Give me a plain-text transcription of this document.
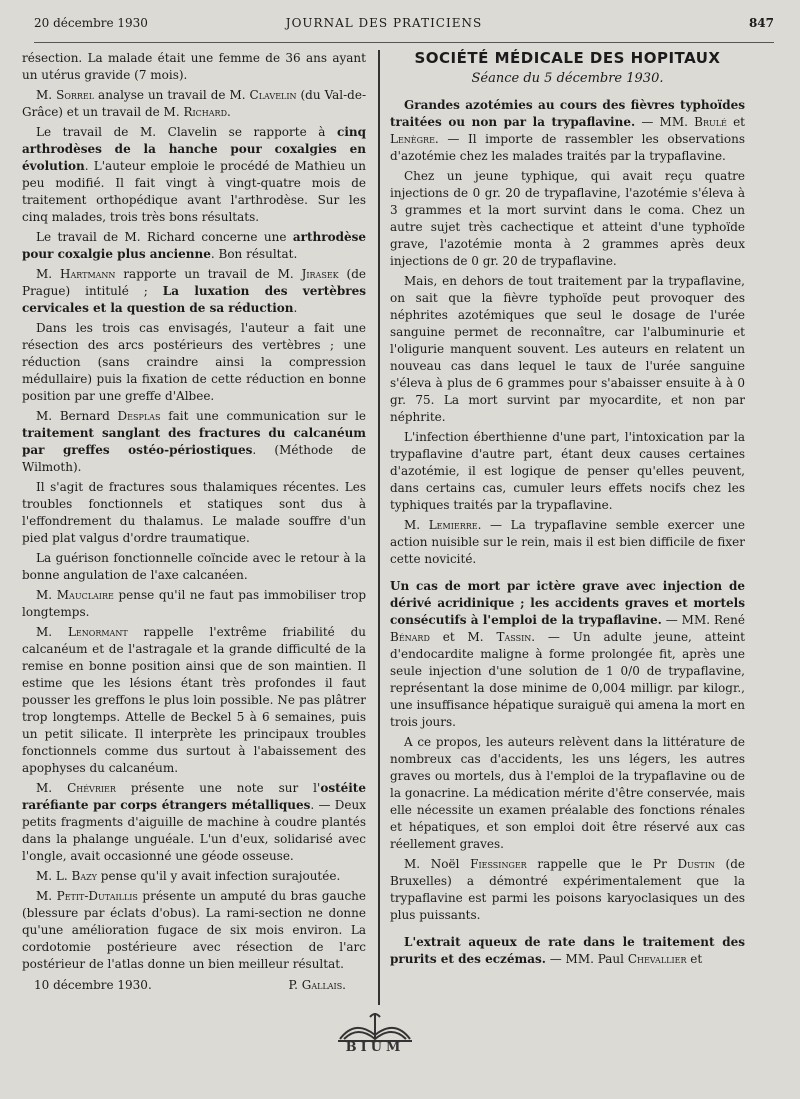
20 décembre 1930	JOURNAL DES PRATICIENS	847

résection. La malade était une femme de 36 ans ayant un utérus gravide (7 mois).

M. Sorrel analyse un travail de M. Clavelin (du Val-de-Grâce) et un travail de M. Richard.

Le travail de M. Clavelin se rapporte à cinq arthrodèses de la hanche pour coxalgies en évolution. L'auteur emploie le procédé de Mathieu un peu modifié. Il fait vingt à vingt-quatre mois de traitement orthopédique avant l'arthrodèse. Sur les cinq malades, trois très bons résultats.

Le travail de M. Richard concerne une arthrodèse pour coxalgie plus ancienne. Bon résultat.

M. Hartmann rapporte un travail de M. Jirasek (de Prague) intitulé ; La luxation des vertèbres cervicales et la question de sa réduction.

Dans les trois cas envisagés, l'auteur a fait une résection des arcs postérieurs des vertèbres ; une réduction (sans craindre ainsi la compression médullaire) puis la fixation de cette réduction en bonne position par une greffe d'Albee.

M. Bernard Desplas fait une communication sur le traitement sanglant des fractures du calcanéum par greffes ostéo-périostiques. (Méthode de Wilmoth).

Il s'agit de fractures sous thalamiques récentes. Les troubles fonctionnels et statiques sont dus à l'effondrement du thalamus. Le malade souffre d'un pied plat valgus d'ordre traumatique.

La guérison fonctionnelle coïncide avec le retour à la bonne angulation de l'axe calcanéen.

M. Mauclaire pense qu'il ne faut pas immobiliser trop longtemps.

M. Lenormant rappelle l'extrême friabilité du calcanéum et de l'astragale et la grande difficulté de la remise en bonne position ainsi que de son maintien. Il estime que les lésions étant très profondes il faut pousser les greffons le plus loin possible. Ne pas plâtrer trop longtemps. Attelle de Beckel 5 à 6 semaines, puis un petit silicate. Il interprète les principaux troubles fonctionnels comme dus surtout à l'abaissement des apophyses du calcanéum.

M. Chévrier présente une note sur l'ostéite raréfiante par corps étrangers métalliques. — Deux petits fragments d'aiguille de machine à coudre plantés dans la phalange unguéale. L'un d'eux, solidarisé avec l'ongle, avait occasionné une géode osseuse.

M. L. Bazy pense qu'il y avait infection surajoutée.

M. Petit-Dutaillis présente un amputé du bras gauche (blessure par éclats d'obus). La rami-section ne donne qu'une amélioration fugace de six mois environ. La cordotomie postérieure avec résection de l'arc postérieur de l'atlas donne un bien meilleur résultat.

10 décembre 1930.	P. Gallais.
SOCIÉTÉ MÉDICALE DES HOPITAUX
Séance du 5 décembre 1930.

Grandes azotémies au cours des fièvres typhoïdes traitées ou non par la trypaflavine. — MM. Brulé et Lenègre. — Il importe de rassembler les observations d'azotémie chez les malades traités par la trypaflavine.

Chez un jeune typhique, qui avait reçu quatre injections de 0 gr. 20 de trypaflavine, l'azotémie s'éleva à 3 grammes et la mort survint dans le coma. Chez un autre sujet très cachectique et atteint d'une typhoïde grave, l'azotémie monta à 2 grammes après deux injections de 0 gr. 20 de trypaflavine.

Mais, en dehors de tout traitement par la trypaflavine, on sait que la fièvre typhoïde peut provoquer des néphrites azotémiques que seul le dosage de l'urée sanguine permet de reconnaître, car l'albuminurie et l'oligurie manquent souvent. Les auteurs en relatent un nouveau cas dans lequel le taux de l'urée sanguine s'éleva à plus de 6 grammes pour s'abaisser ensuite à à 0 gr. 75. La mort survint par myocardite, et non par néphrite.

L'infection éberthienne d'une part, l'intoxication par la trypaflavine d'autre part, étant deux causes certaines d'azotémie, il est logique de penser qu'elles peuvent, dans certains cas, cumuler leurs effets nocifs chez les typhiques traités par la trypaflavine.

M. Lemierre. — La trypaflavine semble exercer une action nuisible sur le rein, mais il est bien difficile de fixer cette novicité.

Un cas de mort par ictère grave avec injection de dérivé acridinique ; les accidents graves et mortels consécutifs à l'emploi de la trypaflavine. — MM. René Bénard et M. Tassin. — Un adulte jeune, atteint d'endocardite maligne à forme prolongée fit, après une seule injection d'une solution de 1 0/0 de trypaflavine, représentant la dose minime de 0,004 milligr. par kilogr., une insuffisance hépatique suraiguë qui amena la mort en trois jours.

A ce propos, les auteurs relèvent dans la littérature de nombreux cas d'accidents, les uns légers, les autres graves ou mortels, dus à l'emploi de la trypaflavine ou de la gonacrine. La médication mérite d'être conservée, mais elle nécessite un examen préalable des fonctions rénales et hépatiques, et son emploi doit être réservé aux cas réellement graves.

M. Noël Fiessinger rappelle que le Pr Dustin (de Bruxelles) a démontré expérimentalement que la trypaflavine est parmi les poisons karyoclasiques un des plus puissants.

L'extrait aqueux de rate dans le traitement des prurits et des eczémas. — MM. Paul Chevallier et

BIUM
